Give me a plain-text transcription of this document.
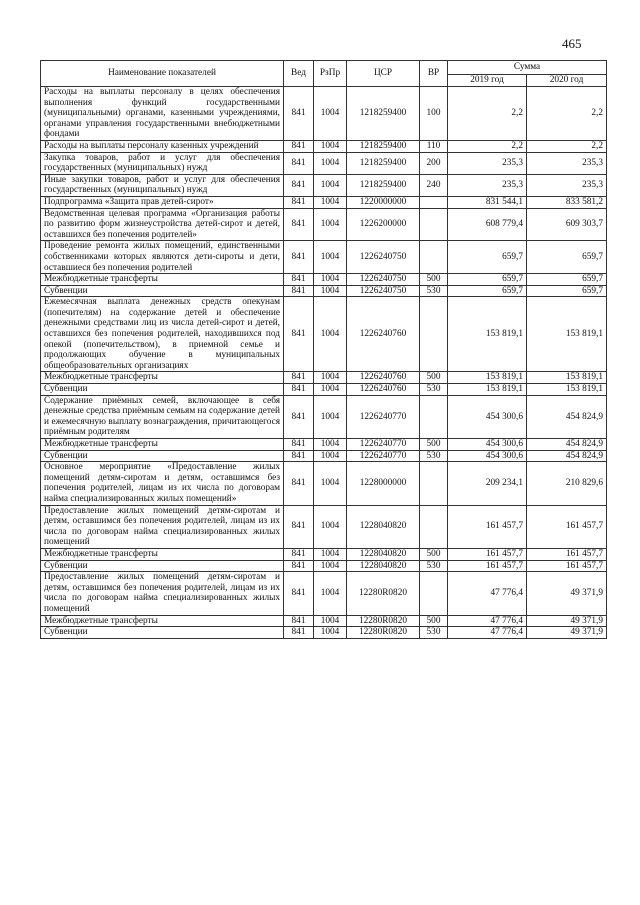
465
Наименование показателей	Вед	РзПр	ЦСР	ВР	Сумма	
					2019 год	2020 год
Расходы на выплаты персоналу в целях обеспечения выполнения функций государственными (муниципальными) органами, казенными учреждениями, органами управления государственными внебюджетными фондами	841	1004	1218259400	100	2,2	2,2
Расходы на выплаты персоналу казенных учреждений	841	1004	1218259400	110	2,2	2,2
Закупка товаров, работ и услуг для обеспечения государственных (муниципальных) нужд	841	1004	1218259400	200	235,3	235,3
Иные закупки товаров, работ и услуг для обеспечения государственных (муниципальных) нужд	841	1004	1218259400	240	235,3	235,3
Подпрограмма «Защита прав детей-сирот»	841	1004	1220000000		831 544,1	833 581,2
Ведомственная целевая программа «Организация работы по развитию форм жизнеустройства детей-сирот и детей, оставшихся без попечения родителей»	841	1004	1226200000		608 779,4	609 303,7
Проведение ремонта жилых помещений, единственными собственниками которых являются дети-сироты и дети, оставшиеся без попечения родителей	841	1004	1226240750		659,7	659,7
Межбюджетные трансферты	841	1004	1226240750	500	659,7	659,7
Субвенции	841	1004	1226240750	530	659,7	659,7
Ежемесячная выплата денежных средств опекунам (попечителям) на содержание детей и обеспечение денежными средствами лиц из числа детей-сирот и детей, оставшихся без попечения родителей, находившихся под опекой (попечительством), в приемной семье и продолжающих обучение в муниципальных общеобразовательных организациях	841	1004	1226240760		153 819,1	153 819,1
Межбюджетные трансферты	841	1004	1226240760	500	153 819,1	153 819,1
Субвенции	841	1004	1226240760	530	153 819,1	153 819,1
Содержание приёмных семей, включающее в себя денежные средства приёмным семьям на содержание детей и ежемесячную выплату вознаграждения, причитающегося приёмным родителям	841	1004	1226240770		454 300,6	454 824,9
Межбюджетные трансферты	841	1004	1226240770	500	454 300,6	454 824,9
Субвенции	841	1004	1226240770	530	454 300,6	454 824,9
Основное мероприятие «Предоставление жилых помещений детям-сиротам и детям, оставшимся без попечения родителей, лицам из их числа по договорам найма специализированных жилых помещений»	841	1004	1228000000		209 234,1	210 829,6
Предоставление жилых помещений детям-сиротам и детям, оставшимся без попечения родителей, лицам из их числа по договорам найма специализированных жилых помещений	841	1004	1228040820		161 457,7	161 457,7
Межбюджетные трансферты	841	1004	1228040820	500	161 457,7	161 457,7
Субвенции	841	1004	1228040820	530	161 457,7	161 457,7
Предоставление жилых помещений детям-сиротам и детям, оставшимся без попечения родителей, лицам из их числа по договорам найма специализированных жилых помещений	841	1004	12280R0820		47 776,4	49 371,9
Межбюджетные трансферты	841	1004	12280R0820	500	47 776,4	49 371,9
Субвенции	841	1004	12280R0820	530	47 776,4	49 371,9
